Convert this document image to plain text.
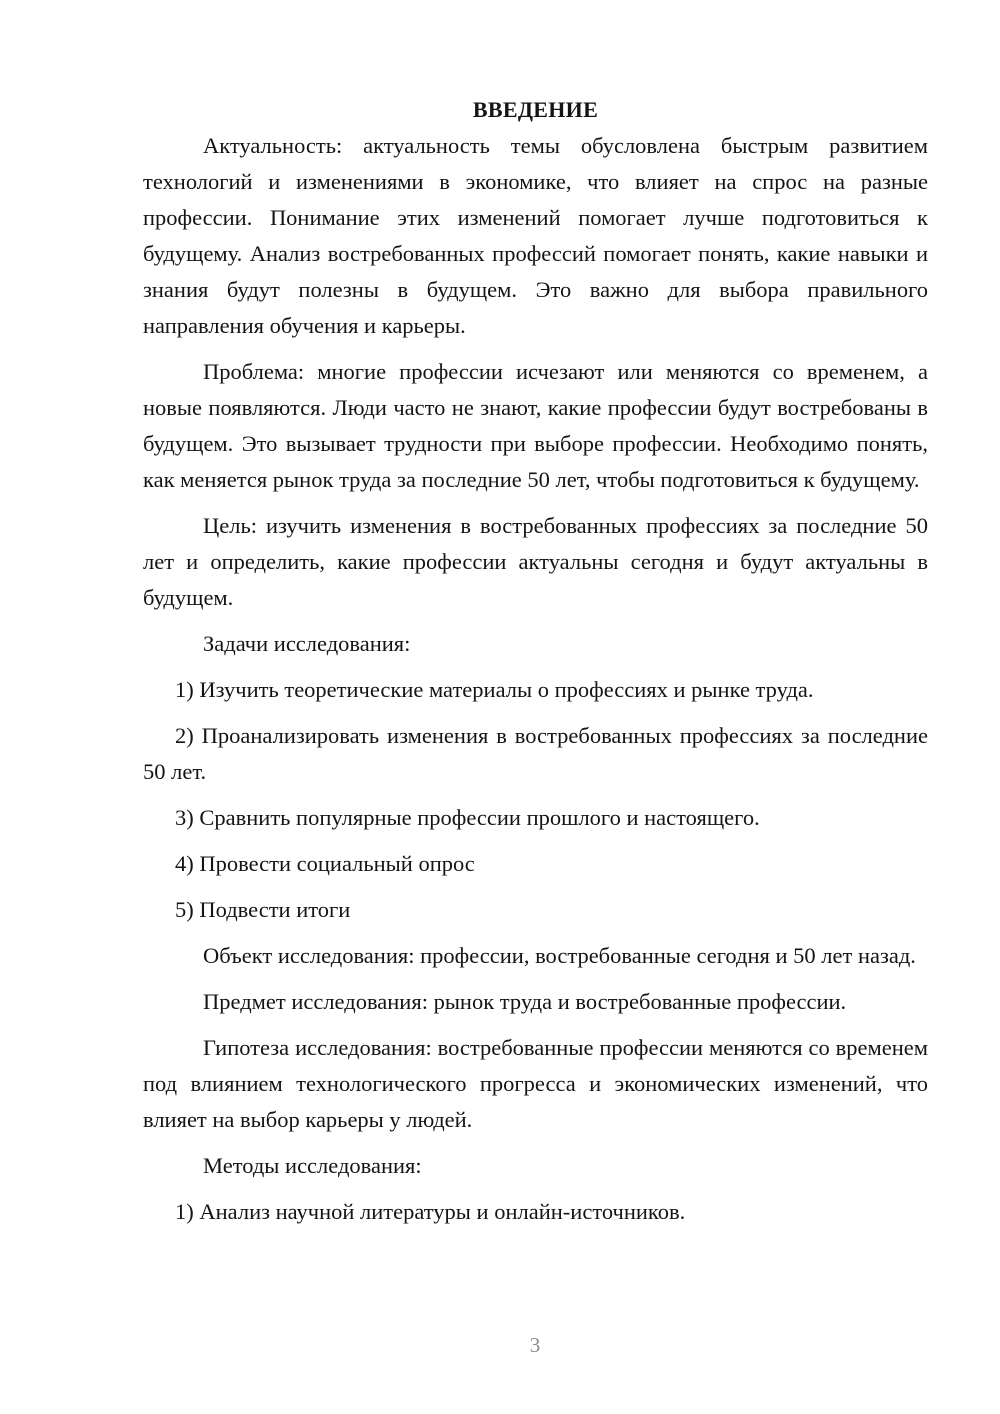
ВВЕДЕНИЕ

Актуальность: актуальность темы обусловлена быстрым развитием технологий и изменениями в экономике, что влияет на спрос на разные профессии. Понимание этих изменений помогает лучше подготовиться к будущему. Анализ востребованных профессий помогает понять, какие навыки и знания будут полезны в будущем. Это важно для выбора правильного направления обучения и карьеры.

Проблема: многие профессии исчезают или меняются со временем, а новые появляются. Люди часто не знают, какие профессии будут востребованы в будущем. Это вызывает трудности при выборе профессии. Необходимо понять, как меняется рынок труда за последние 50 лет, чтобы подготовиться к будущему.

Цель: изучить изменения в востребованных профессиях за последние 50 лет и определить, какие профессии актуальны сегодня и будут актуальны в будущем.

Задачи исследования:

1) Изучить теоретические материалы о профессиях и рынке труда.

2) Проанализировать изменения в востребованных профессиях за последние 50 лет.

3) Сравнить популярные профессии прошлого и настоящего.

4) Провести социальный опрос

5) Подвести итоги

Объект исследования: профессии, востребованные сегодня и 50 лет назад.

Предмет исследования: рынок труда и востребованные профессии.

Гипотеза исследования: востребованные профессии меняются со временем под влиянием технологического прогресса и экономических изменений, что влияет на выбор карьеры у людей.

Методы исследования:

1) Анализ научной литературы и онлайн-источников.

3
